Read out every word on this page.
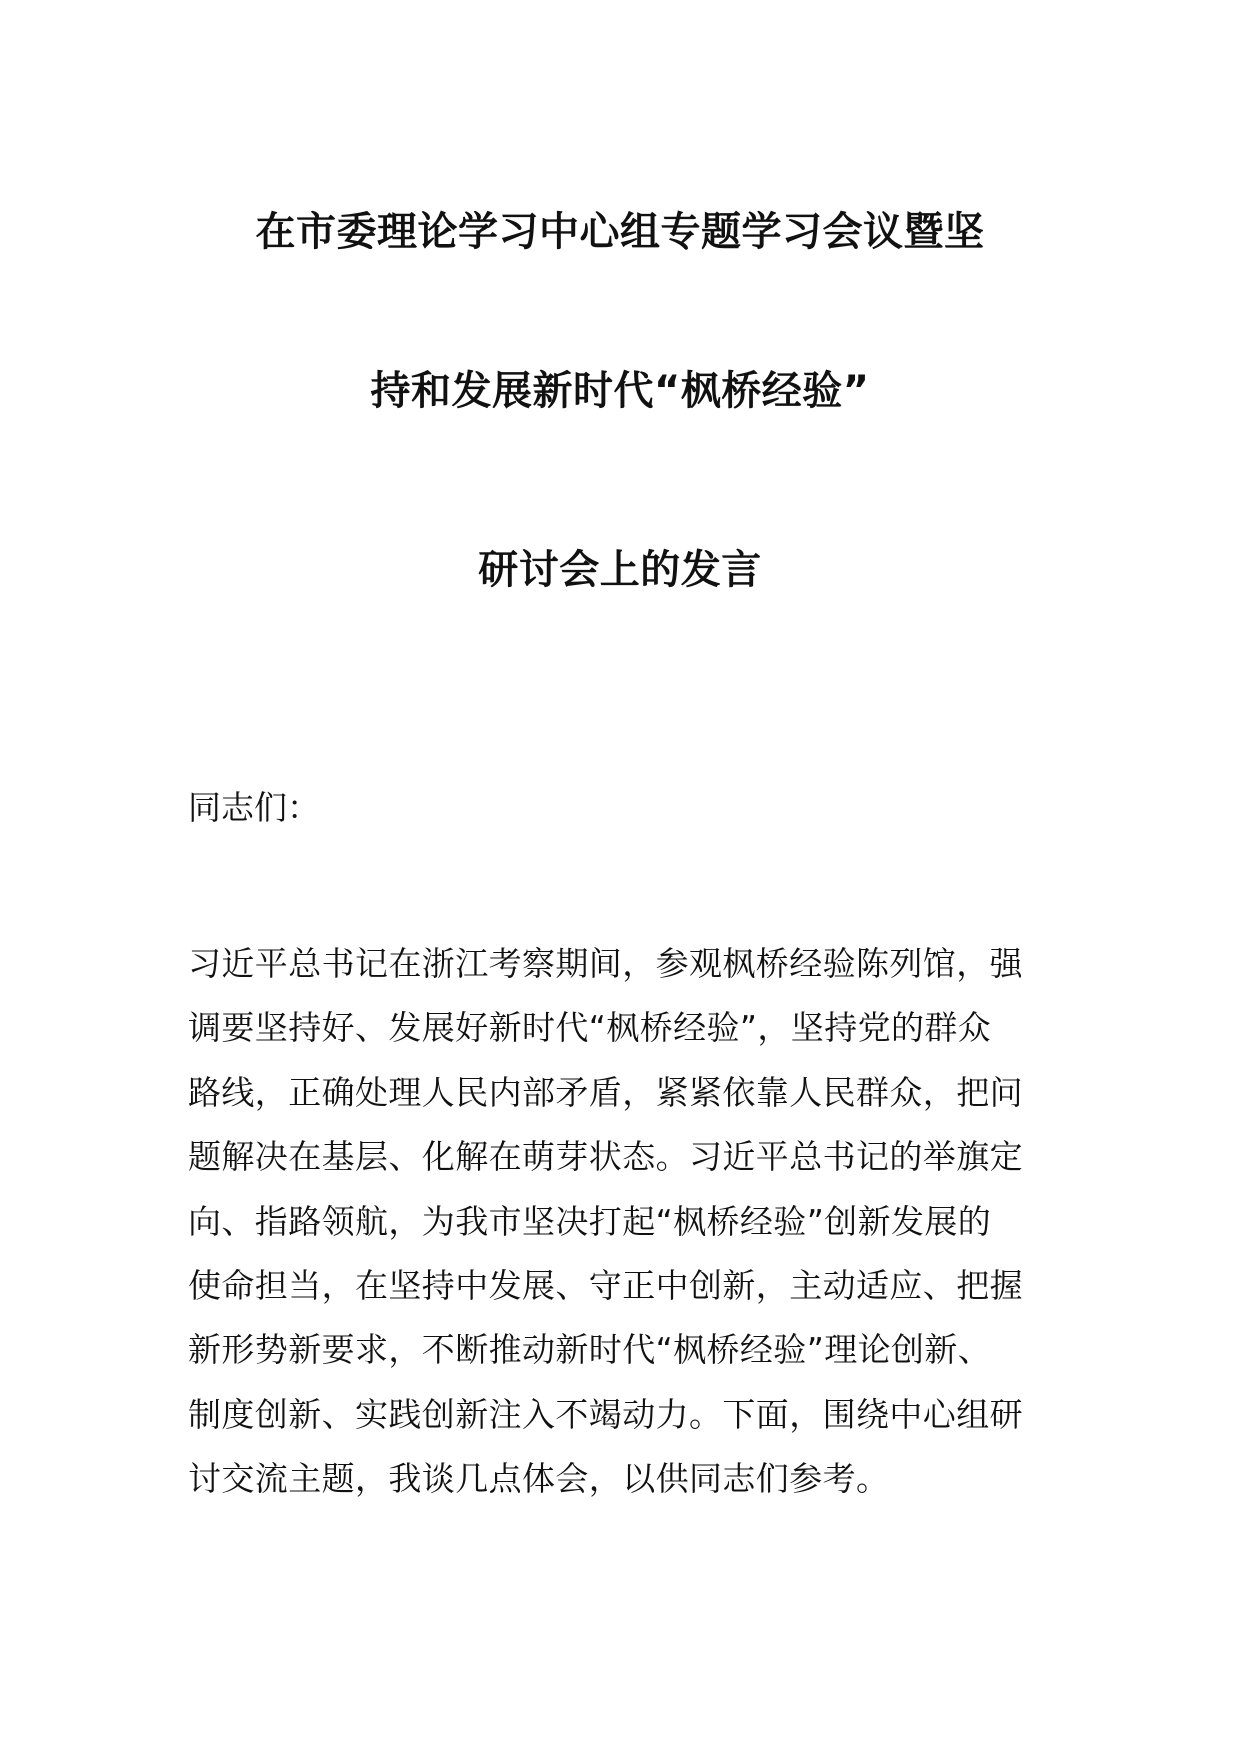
在市委理论学习中心组专题学习会议暨坚
持和发展新时代“枫桥经验”
研讨会上的发言
同志们：
习近平总书记在浙江考察期间，参观枫桥经验陈列馆，强
调要坚持好、发展好新时代“枫桥经验”，坚持党的群众
路线，正确处理人民内部矛盾，紧紧依靠人民群众，把问
题解决在基层、化解在萌芽状态。习近平总书记的举旗定
向、指路领航，为我市坚决打起“枫桥经验”创新发展的
使命担当，在坚持中发展、守正中创新，主动适应、把握
新形势新要求，不断推动新时代“枫桥经验”理论创新、
制度创新、实践创新注入不竭动力。下面，围绕中心组研
讨交流主题，我谈几点体会，以供同志们参考。
